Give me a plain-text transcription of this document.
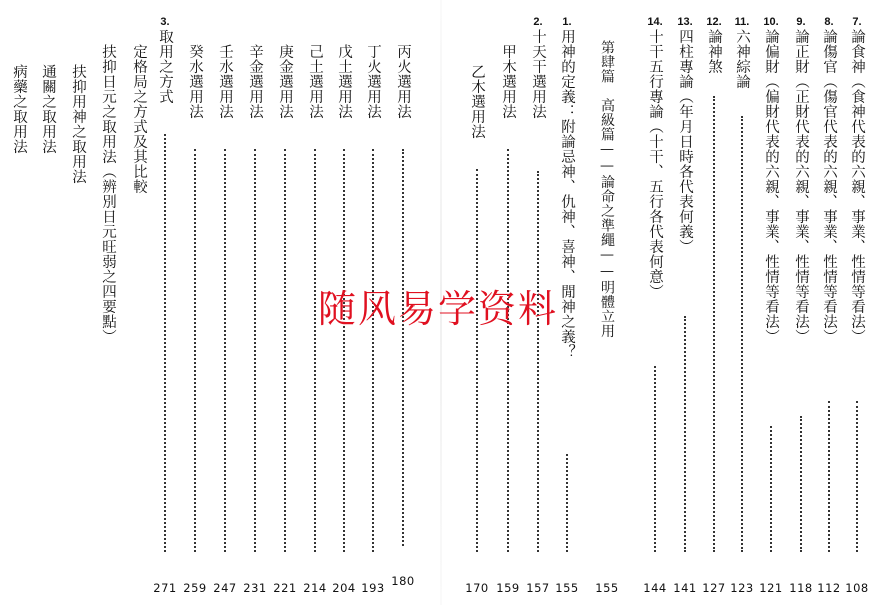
7.
論食神（食神代表的六親、事業、性情等看法）
108
8.
論傷官（傷官代表的六親、事業、性情等看法）
112
9.
論正財（正財代表的六親、事業、性情等看法）
118
10.
論偏財（偏財代表的六親、事業、性情等看法）
121
11.
六神綜論
123
12.
論神煞
127
13.
四柱專論（年月日時各代表何義）
141
14.
十干五行專論（十干、五行各代表何意）
144
第肆篇　高級篇——論命之準繩——明體立用
155
1.
用神的定義：附論忌神、仇神、喜神、閒神之義？
155
2.
十天干選用法
157
甲木選用法
159
乙木選用法
170
丙火選用法
180
丁火選用法
193
戊土選用法
204
己土選用法
214
庚金選用法
221
辛金選用法
231
壬水選用法
247
癸水選用法
259
3.
取用之方式
271
定格局之方式及其比較
扶抑日元之取用法（辨別日元旺弱之四要點）
扶抑用神之取用法
通關之取用法
病藥之取用法
随风易学资料
